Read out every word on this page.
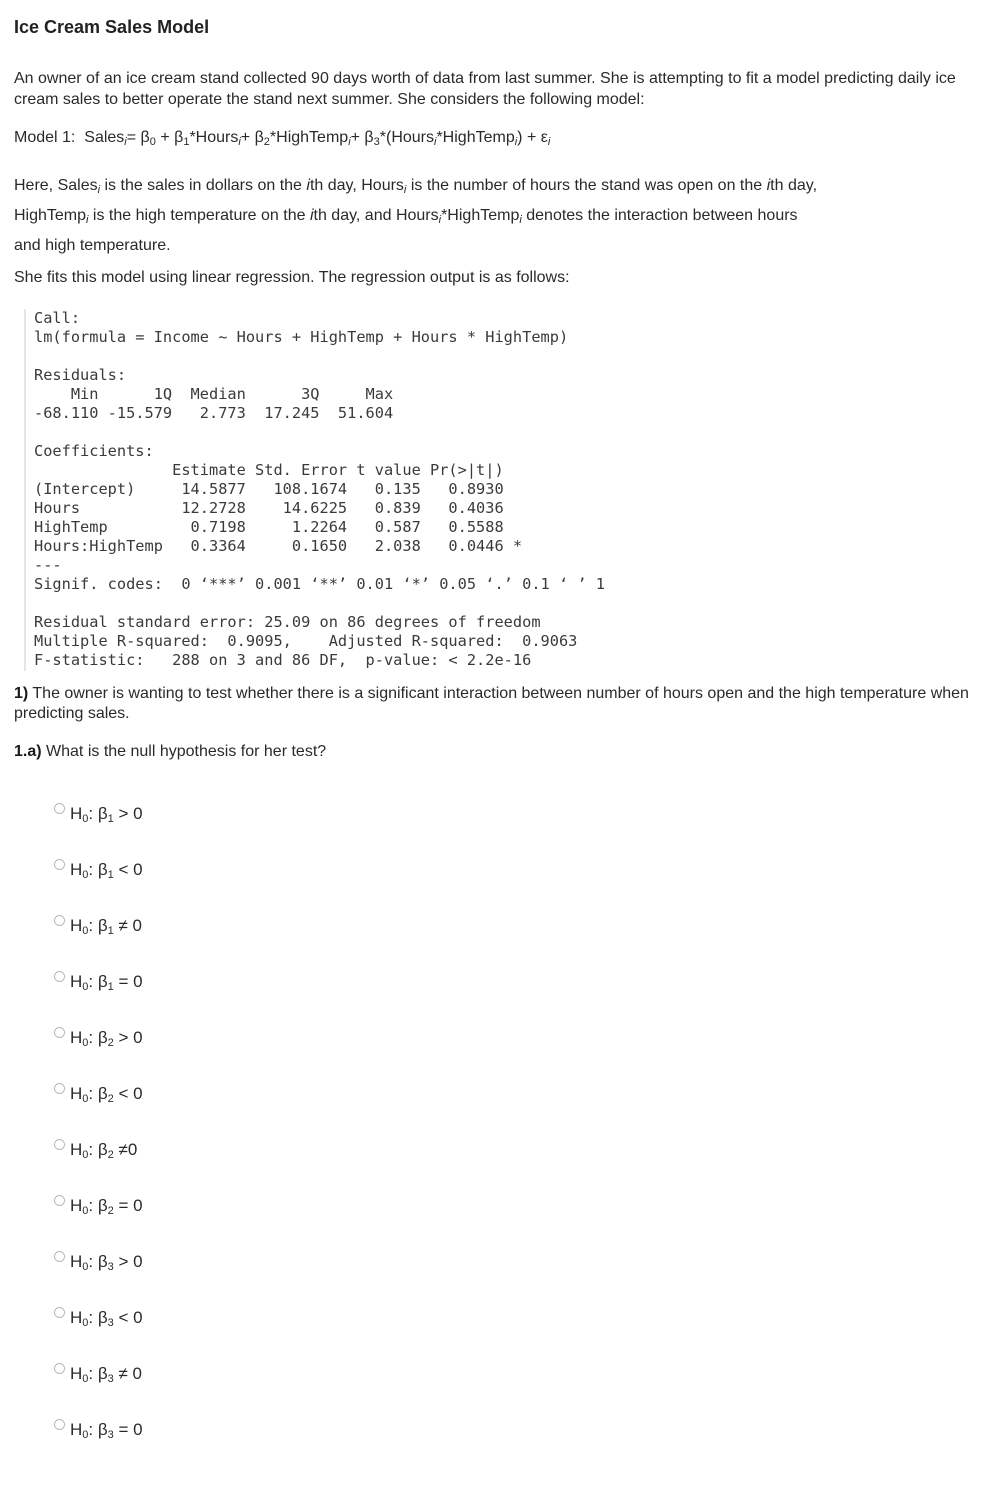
Ice Cream Sales Model
An owner of an ice cream stand collected 90 days worth of data from last summer. She is attempting to fit a model predicting daily ice cream sales to better operate the stand next summer. She considers the following model:
Model 1: Sales$_i$= $\beta_0$ + $\beta_1*Hours_i+$ $\beta_2*HighTemp_i+$ $\beta_3*(Hours_i*HighTemp_i) + \varepsilon_i$
Here, Sales$_i$ is the sales in dollars on the ith day, Hours$_i$ is the number of hours the stand was open on the ith day,
HighTemp$_i$ is the high temperature on the ith day, and Hours$_i$*HighTemp$_i$ denotes the interaction between hours
and high temperature.
She fits this model using linear regression. The regression output is as follows:
Call:
lm(formula = Income ~ Hours + HighTemp + Hours * HighTemp)
Residuals:
Min      1Q  Median      3Q     Max
-68.110 -15.579   2.773  17.245  51.604
Coefficients:
Estimate Std. Error t value Pr(>|t|)
(Intercept)     14.5877   108.1674   0.135   0.8930
Hours           12.2728    14.6225   0.839   0.4036
HighTemp         0.7198     1.2264   0.587   0.5588
Hours:HighTemp   0.3364     0.1650   2.038   0.0446 *
---
Signif. codes:  0 ‘***’ 0.001 ‘**’ 0.01 ‘*’ 0.05 ‘.’ 0.1 ‘ ’ 1
Residual standard error: 25.09 on 86 degrees of freedom
Multiple R-squared:  0.9095,    Adjusted R-squared:  0.9063
F-statistic:   288 on 3 and 86 DF,  p-value: < 2.2e-16
1) The owner is wanting to test whether there is a significant interaction between number of hours open and the high temperature when predicting sales.
1.a) What is the null hypothesis for her test?
$H_0$: $\beta_1 > 0$
$H_0$: $\beta_1 < 0$
$H_0$: $\beta_1 \ne 0$
$H_0$: $\beta_1 = 0$
$H_0$: $\beta_2 > 0$
$H_0$: $\beta_2 < 0$
$H_0$: $\beta_2 \ne 0$
$H_0$: $\beta_2 = 0$
$H_0$: $\beta_3 > 0$
$H_0$: $\beta_3 < 0$
$H_0$: $\beta_3 \ne 0$
$H_0$: $\beta_3 = 0$
